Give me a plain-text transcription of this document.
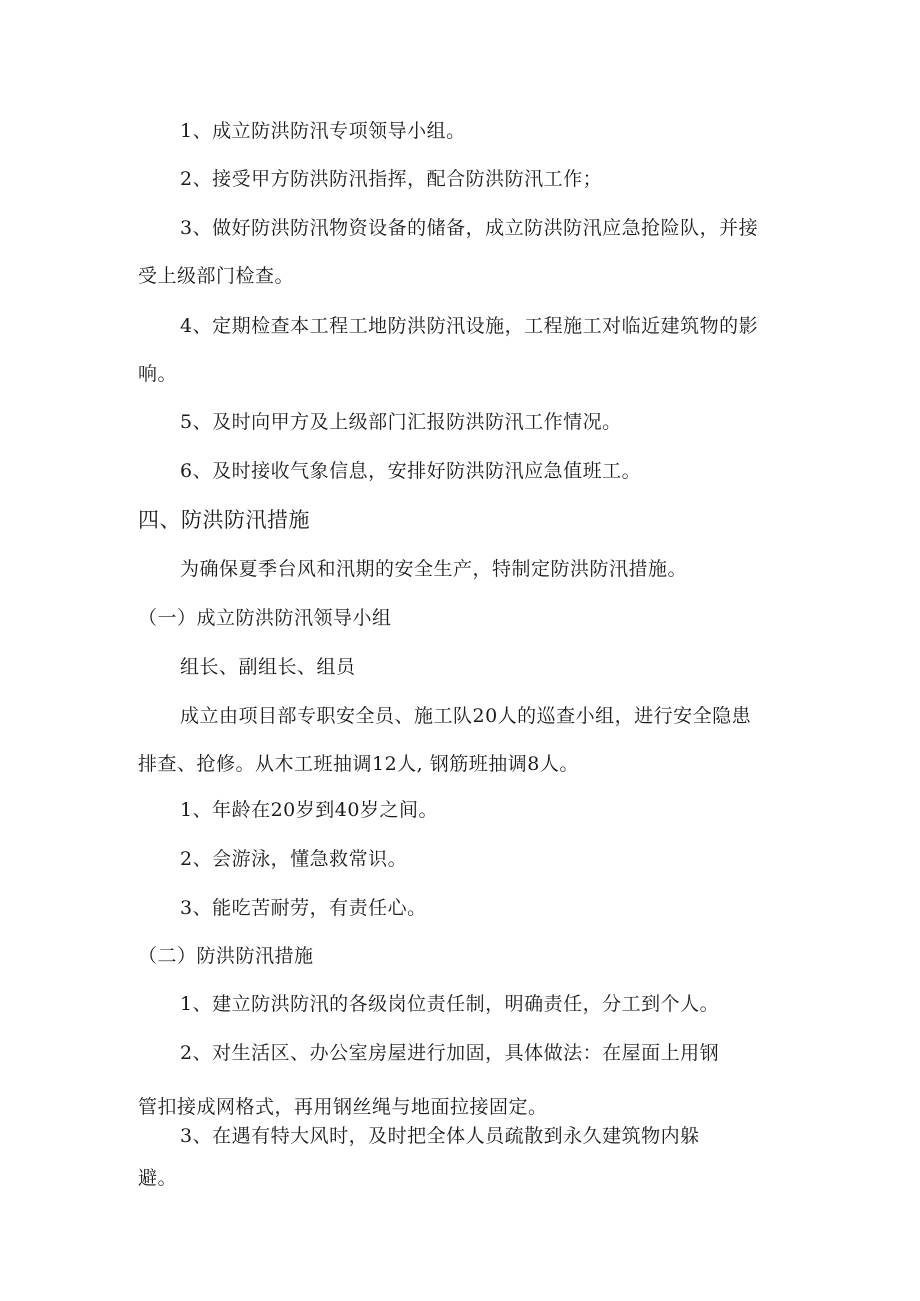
1、成立防洪防汛专项领导小组。
2、接受甲方防洪防汛指挥，配合防洪防汛工作；
3、做好防洪防汛物资设备的储备，成立防洪防汛应急抢险队，并接
受上级部门检查。
4、定期检查本工程工地防洪防汛设施，工程施工对临近建筑物的影
响。
5、及时向甲方及上级部门汇报防洪防汛工作情况。
6、及时接收气象信息，安排好防洪防汛应急值班工。
四、防洪防汛措施
为确保夏季台风和汛期的安全生产，特制定防洪防汛措施。
（一）成立防洪防汛领导小组
组长、副组长、组员
成立由项目部专职安全员、施工队20人的巡查小组，进行安全隐患
排查、抢修。从木工班抽调12人, 钢筋班抽调8人。
1、年龄在20岁到40岁之间。
2、会游泳，懂急救常识。
3、能吃苦耐劳，有责任心。
（二）防洪防汛措施
1、建立防洪防汛的各级岗位责任制，明确责任，分工到个人。
2、对生活区、办公室房屋进行加固，具体做法：在屋面上用钢
管扣接成网格式，再用钢丝绳与地面拉接固定。
3、在遇有特大风时，及时把全体人员疏散到永久建筑物内躲
避。
